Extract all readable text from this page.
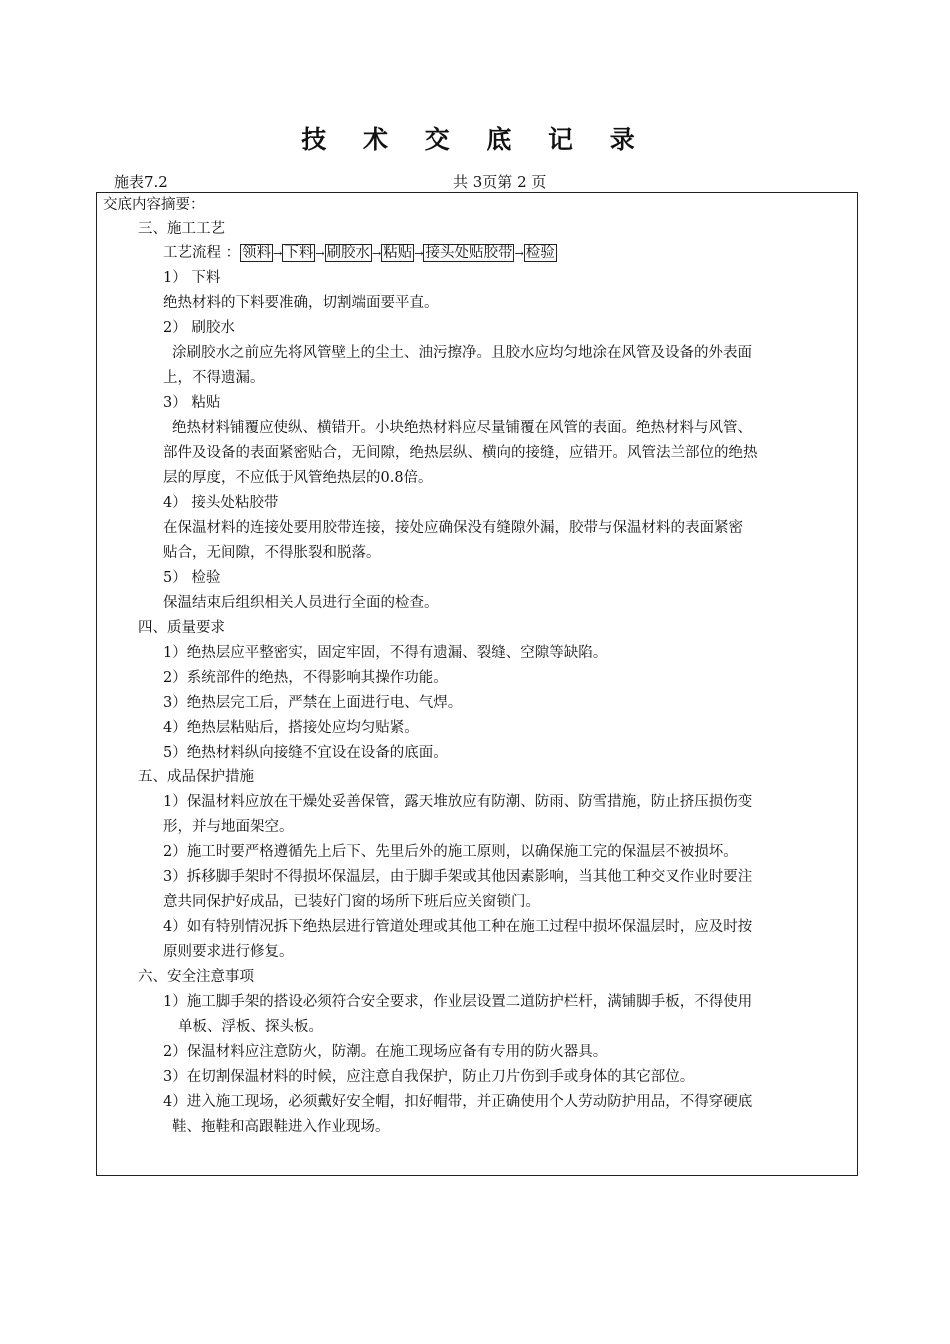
技 术 交 底 记 录
施表7.2	共 3页第 2 页
交底内容摘要：
三、施工工艺
工艺流程 ： 领料 → 下料 → 刷胶水 → 粘贴 → 接头处贴胶带 → 检验
1） 下料
绝热材料的下料要准确，切割端面要平直。
2） 刷胶水
涂刷胶水之前应先将风管壁上的尘土、油污擦净。且胶水应均匀地涂在风管及设备的外表面
上，不得遗漏。
3） 粘贴
绝热材料铺覆应使纵、横错开。小块绝热材料应尽量铺覆在风管的表面。绝热材料与风管、
部件及设备的表面紧密贴合，无间隙，绝热层纵、横向的接缝，应错开。风管法兰部位的绝热
层的厚度，不应低于风管绝热层的0.8倍。
4） 接头处粘胶带
在保温材料的连接处要用胶带连接，接处应确保没有缝隙外漏，胶带与保温材料的表面紧密
贴合，无间隙，不得胀裂和脱落。
5） 检验
保温结束后组织相关人员进行全面的检查。
四、质量要求
1）绝热层应平整密实，固定牢固，不得有遗漏、裂缝、空隙等缺陷。
2）系统部件的绝热，不得影响其操作功能。
3）绝热层完工后，严禁在上面进行电、气焊。
4）绝热层粘贴后，搭接处应均匀贴紧。
5）绝热材料纵向接缝不宜设在设备的底面。
五、成品保护措施
1）保温材料应放在干燥处妥善保管，露天堆放应有防潮、防雨、防雪措施，防止挤压损伤变
形，并与地面架空。
2）施工时要严格遵循先上后下、先里后外的施工原则，以确保施工完的保温层不被损坏。
3）拆移脚手架时不得损坏保温层，由于脚手架或其他因素影响，当其他工种交叉作业时要注
意共同保护好成品，已装好门窗的场所下班后应关窗锁门。
4）如有特别情况拆下绝热层进行管道处理或其他工种在施工过程中损坏保温层时，应及时按
原则要求进行修复。
六、安全注意事项
1）施工脚手架的搭设必须符合安全要求，作业层设置二道防护栏杆，满铺脚手板，不得使用
单板、浮板、探头板。
2）保温材料应注意防火，防潮。在施工现场应备有专用的防火器具。
3）在切割保温材料的时候，应注意自我保护，防止刀片伤到手或身体的其它部位。
4）进入施工现场，必须戴好安全帽，扣好帽带，并正确使用个人劳动防护用品，不得穿硬底
鞋、拖鞋和高跟鞋进入作业现场。
